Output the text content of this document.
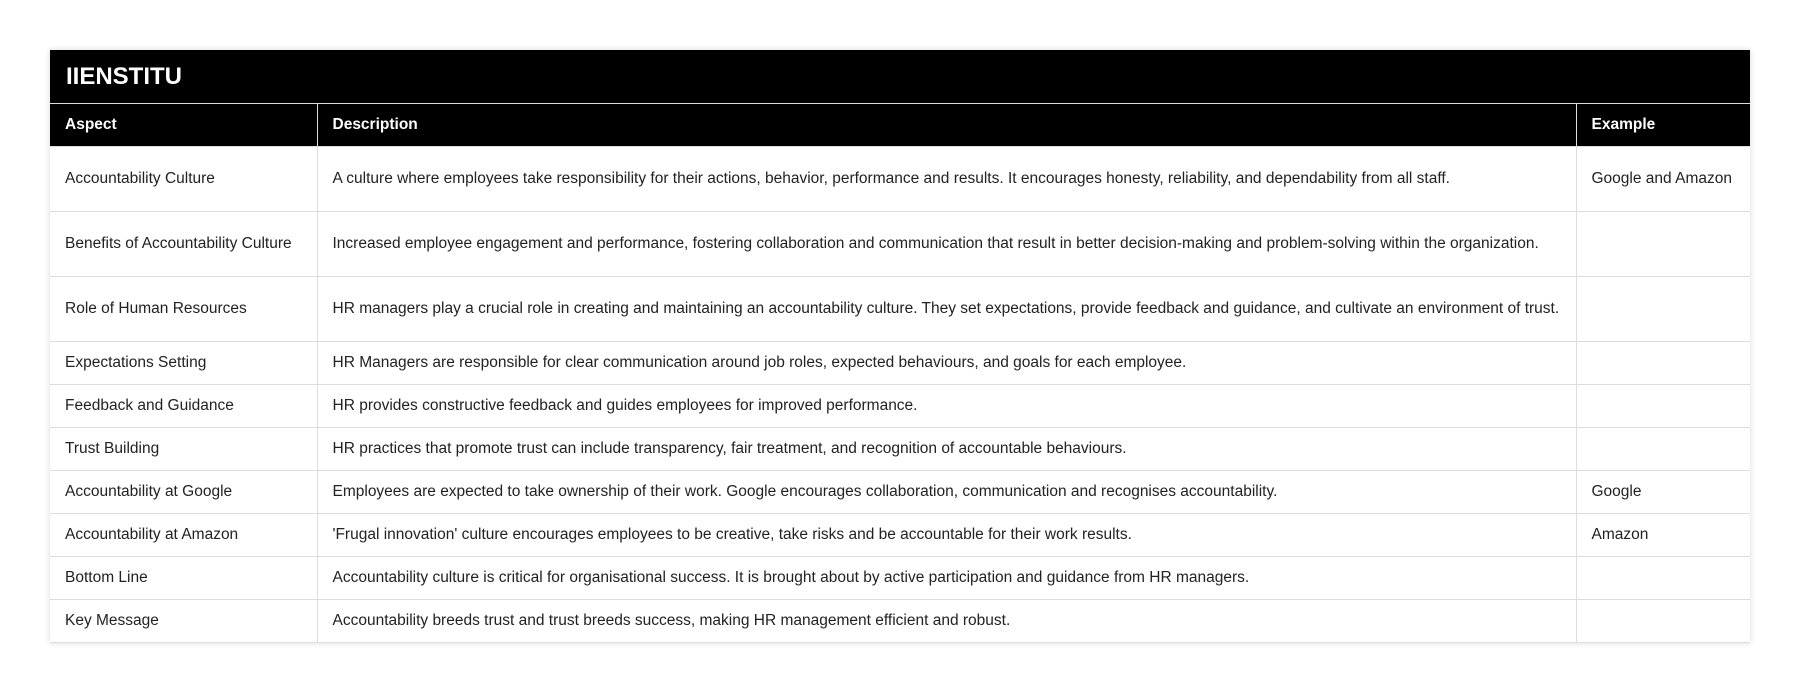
IIENSTITU
Aspect	Description	Example
Accountability Culture	A culture where employees take responsibility for their actions, behavior, performance and results. It encourages honesty, reliability, and dependability from all staff.	Google and Amazon
Benefits of Accountability Culture	Increased employee engagement and performance, fostering collaboration and communication that result in better decision-making and problem-solving within the organization.	
Role of Human Resources	HR managers play a crucial role in creating and maintaining an accountability culture. They set expectations, provide feedback and guidance, and cultivate an environment of trust.	
Expectations Setting	HR Managers are responsible for clear communication around job roles, expected behaviours, and goals for each employee.	
Feedback and Guidance	HR provides constructive feedback and guides employees for improved performance.	
Trust Building	HR practices that promote trust can include transparency, fair treatment, and recognition of accountable behaviours.	
Accountability at Google	Employees are expected to take ownership of their work. Google encourages collaboration, communication and recognises accountability.	Google
Accountability at Amazon	'Frugal innovation' culture encourages employees to be creative, take risks and be accountable for their work results.	Amazon
Bottom Line	Accountability culture is critical for organisational success. It is brought about by active participation and guidance from HR managers.	
Key Message	Accountability breeds trust and trust breeds success, making HR management efficient and robust.	
